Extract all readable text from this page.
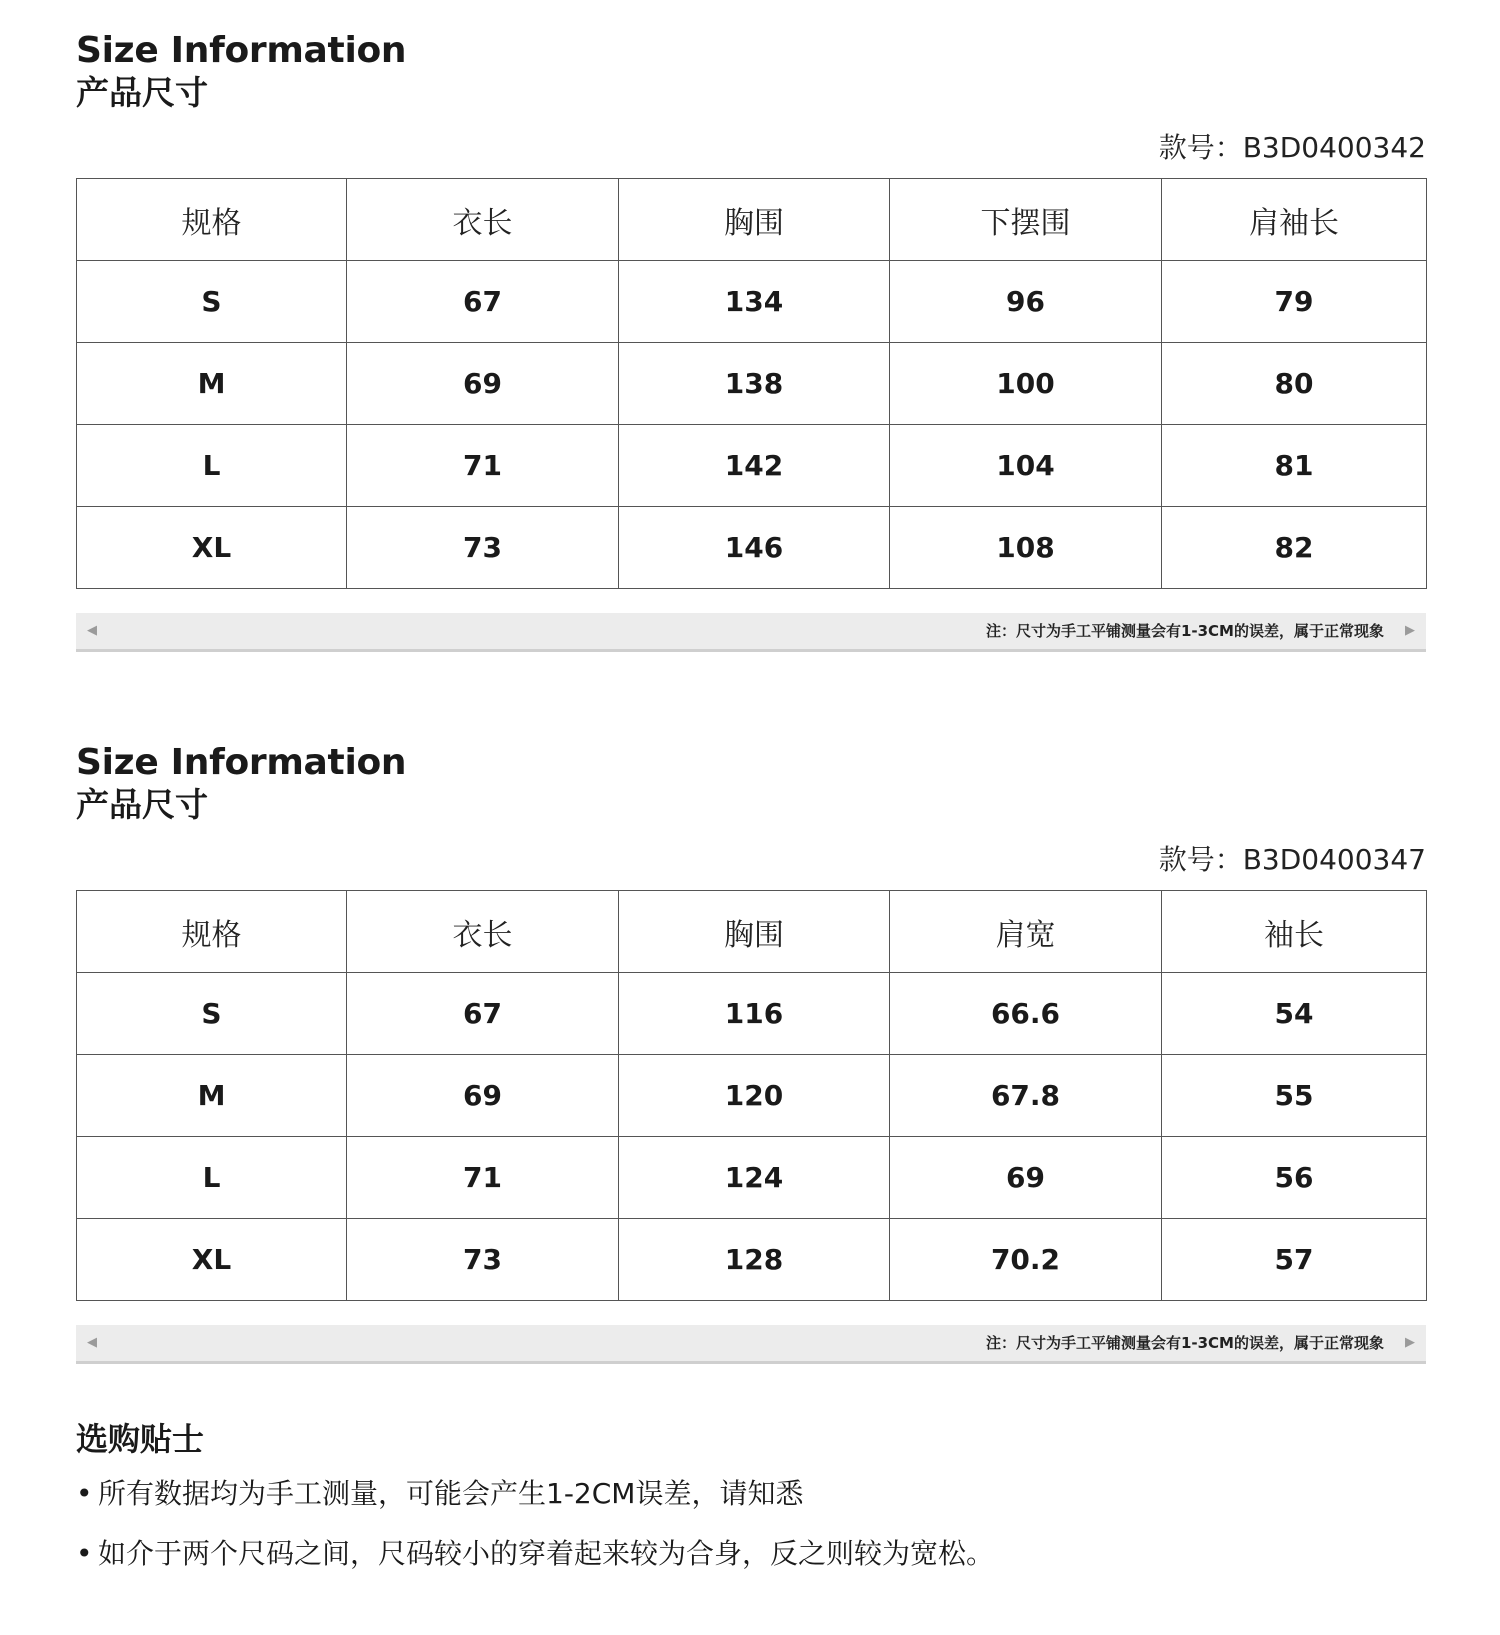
Size Information
产品尺寸
款号：B3D0400342
规格	衣长	胸围	下摆围	肩袖长
S	67	134	96	79
M	69	138	100	80
L	71	142	104	81
XL	73	146	108	82
◀	注：尺寸为手工平铺测量会有1-3CM的误差，属于正常现象	▶
Size Information
产品尺寸
款号：B3D0400347
规格	衣长	胸围	肩宽	袖长
S	67	116	66.6	54
M	69	120	67.8	55
L	71	124	69	56
XL	73	128	70.2	57
◀	注：尺寸为手工平铺测量会有1-3CM的误差，属于正常现象	▶
选购贴士
• 所有数据均为手工测量，可能会产生1-2CM误差，请知悉
• 如介于两个尺码之间，尺码较小的穿着起来较为合身，反之则较为宽松。
